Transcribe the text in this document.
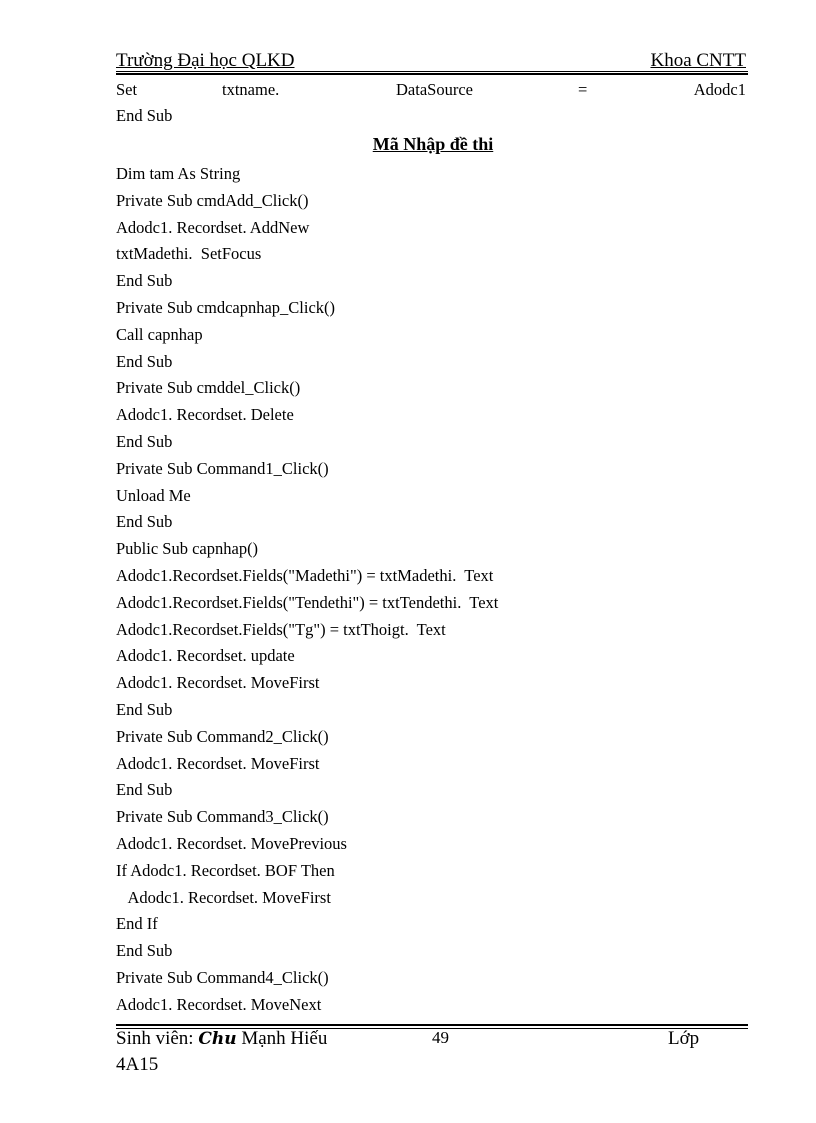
Trường Đại học QLKD	Khoa CNTT
Set	txtname.	DataSource	=	Adodc1
End Sub
Mã Nhập đề thi
Dim tam As String
Private Sub cmdAdd_Click()
Adodc1. Recordset. AddNew
txtMadethi.  SetFocus
End Sub
Private Sub cmdcapnhap_Click()
Call capnhap
End Sub
Private Sub cmddel_Click()
Adodc1. Recordset. Delete
End Sub
Private Sub Command1_Click()
Unload Me
End Sub
Public Sub capnhap()
Adodc1.Recordset.Fields("Madethi") = txtMadethi.  Text
Adodc1.Recordset.Fields("Tendethi") = txtTendethi.  Text
Adodc1.Recordset.Fields("Tg") = txtThoigt.  Text
Adodc1. Recordset. update
Adodc1. Recordset. MoveFirst
End Sub
Private Sub Command2_Click()
Adodc1. Recordset. MoveFirst
End Sub
Private Sub Command3_Click()
Adodc1. Recordset. MovePrevious
If Adodc1. Recordset. BOF Then
Adodc1. Recordset. MoveFirst
End If
End Sub
Private Sub Command4_Click()
Adodc1. Recordset. MoveNext
Sinh viên: Chu Mạnh Hiếu	49	Lớp
4A15
